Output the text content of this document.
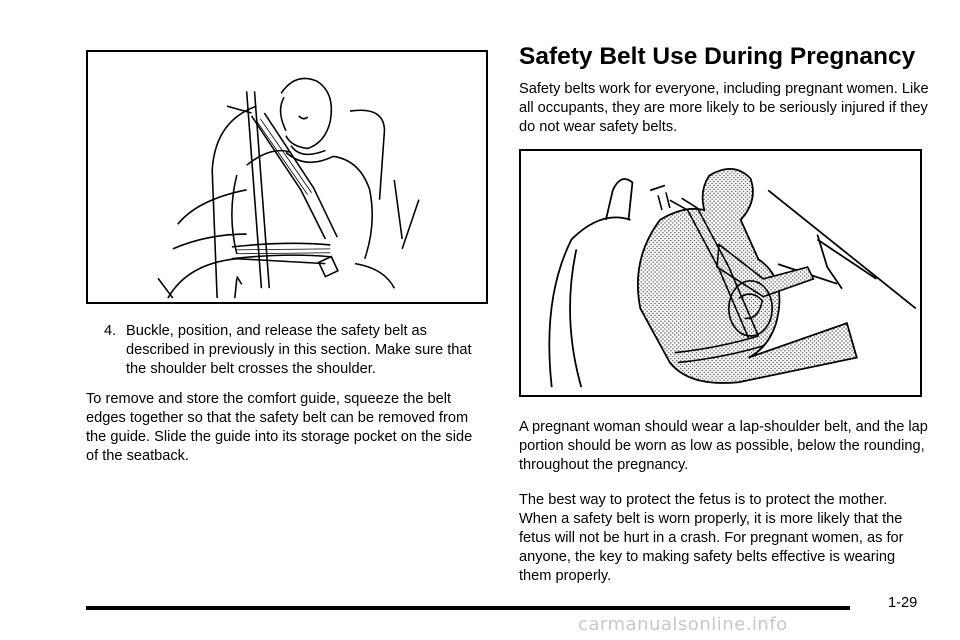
4. Buckle, position, and release the safety belt as described in previously in this section. Make sure that the shoulder belt crosses the shoulder.
To remove and store the comfort guide, squeeze the belt edges together so that the safety belt can be removed from the guide. Slide the guide into its storage pocket on the side of the seatback.
Safety Belt Use During Pregnancy
Safety belts work for everyone, including pregnant women. Like all occupants, they are more likely to be seriously injured if they do not wear safety belts.
A pregnant woman should wear a lap-shoulder belt, and the lap portion should be worn as low as possible, below the rounding, throughout the pregnancy.
The best way to protect the fetus is to protect the mother. When a safety belt is worn properly, it is more likely that the fetus will not be hurt in a crash. For pregnant women, as for anyone, the key to making safety belts effective is wearing them properly.
1-29
carmanualsonline.info
